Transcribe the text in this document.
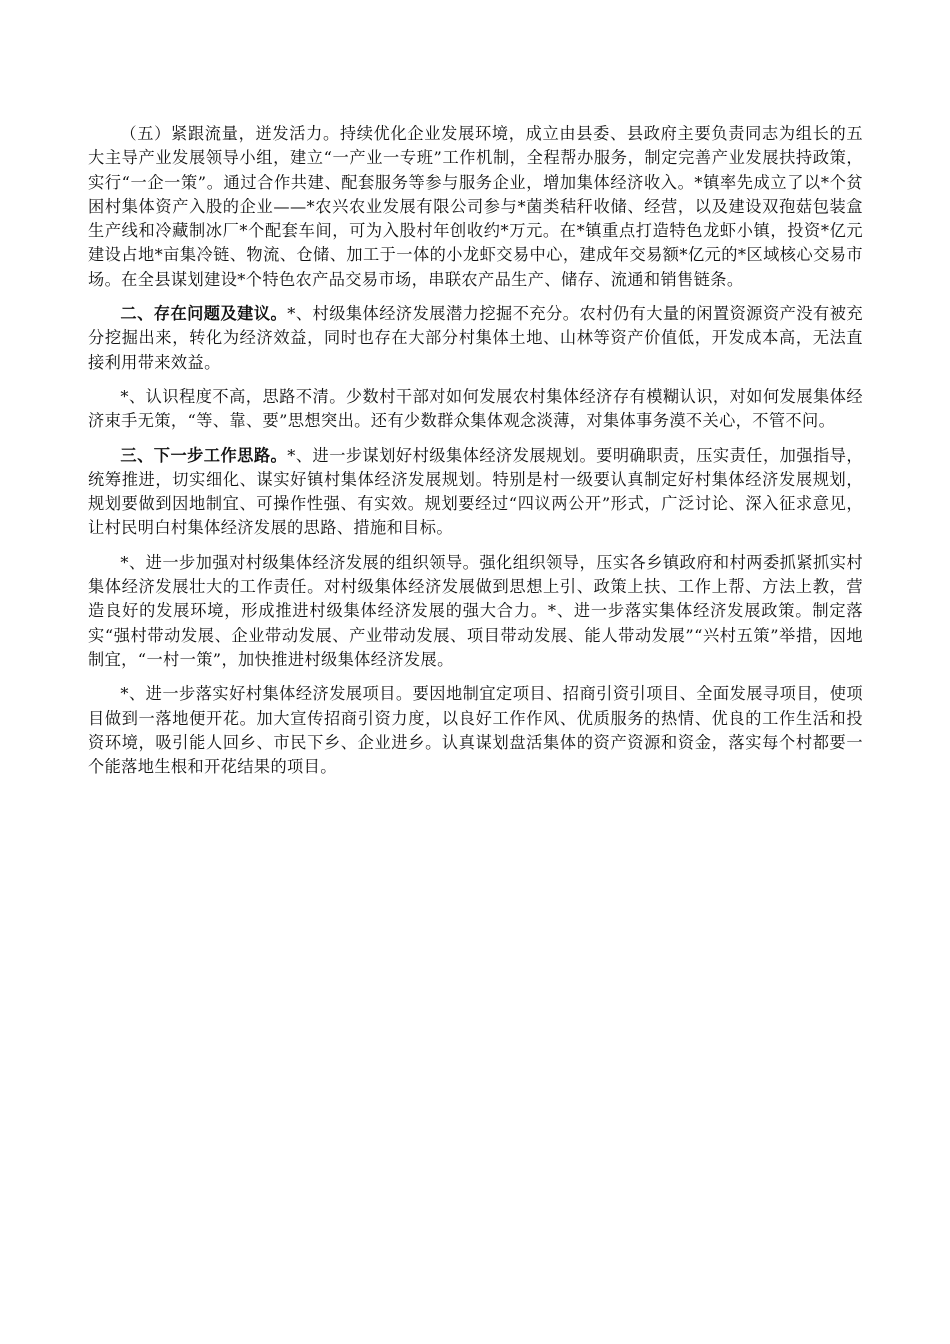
（五）紧跟流量，迸发活力。持续优化企业发展环境，成立由县委、县政府主要负责同志为组长的五大主导产业发展领导小组，建立“一产业一专班”工作机制，全程帮办服务，制定完善产业发展扶持政策，实行“一企一策”。通过合作共建、配套服务等参与服务企业，增加集体经济收入。*镇率先成立了以*个贫困村集体资产入股的企业——*农兴农业发展有限公司参与*菌类秸秆收储、经营，以及建设双孢菇包装盒生产线和冷藏制冰厂*个配套车间，可为入股村年创收约*万元。在*镇重点打造特色龙虾小镇，投资*亿元建设占地*亩集冷链、物流、仓储、加工于一体的小龙虾交易中心，建成年交易额*亿元的*区域核心交易市场。在全县谋划建设*个特色农产品交易市场，串联农产品生产、储存、流通和销售链条。

二、存在问题及建议。*、村级集体经济发展潜力挖掘不充分。农村仍有大量的闲置资源资产没有被充分挖掘出来，转化为经济效益，同时也存在大部分村集体土地、山林等资产价值低，开发成本高，无法直接利用带来效益。

*、认识程度不高，思路不清。少数村干部对如何发展农村集体经济存有模糊认识，对如何发展集体经济束手无策，“等、靠、要”思想突出。还有少数群众集体观念淡薄，对集体事务漠不关心，不管不问。

三、下一步工作思路。*、进一步谋划好村级集体经济发展规划。要明确职责，压实责任，加强指导，统筹推进，切实细化、谋实好镇村集体经济发展规划。特别是村一级要认真制定好村集体经济发展规划，规划要做到因地制宜、可操作性强、有实效。规划要经过“四议两公开”形式，广泛讨论、深入征求意见，让村民明白村集体经济发展的思路、措施和目标。

*、进一步加强对村级集体经济发展的组织领导。强化组织领导，压实各乡镇政府和村两委抓紧抓实村集体经济发展壮大的工作责任。对村级集体经济发展做到思想上引、政策上扶、工作上帮、方法上教，营造良好的发展环境，形成推进村级集体经济发展的强大合力。*、进一步落实集体经济发展政策。制定落实“强村带动发展、企业带动发展、产业带动发展、项目带动发展、能人带动发展”“兴村五策”举措，因地制宜，“一村一策”，加快推进村级集体经济发展。

*、进一步落实好村集体经济发展项目。要因地制宜定项目、招商引资引项目、全面发展寻项目，使项目做到一落地便开花。加大宣传招商引资力度，以良好工作作风、优质服务的热情、优良的工作生活和投资环境，吸引能人回乡、市民下乡、企业进乡。认真谋划盘活集体的资产资源和资金，落实每个村都要一个能落地生根和开花结果的项目。
